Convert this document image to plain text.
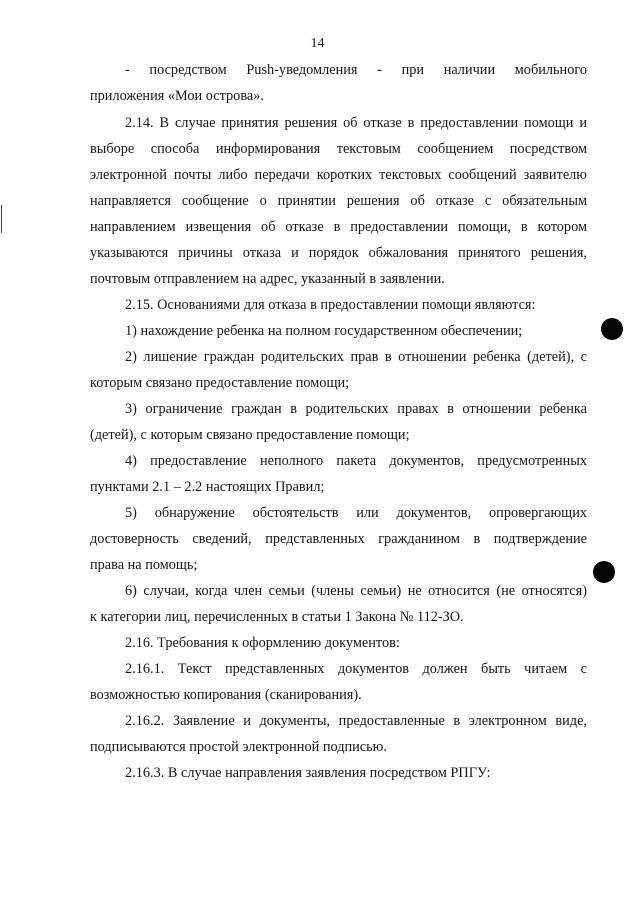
14
- посредством Push-уведомления - при наличии мобильного
приложения «Мои острова».
2.14. В случае принятия решения об отказе в предоставлении помощи и
выборе способа информирования текстовым сообщением посредством
электронной почты либо передачи коротких текстовых сообщений заявителю
направляется сообщение о принятии решения об отказе с обязательным
направлением извещения об отказе в предоставлении помощи, в котором
указываются причины отказа и порядок обжалования принятого решения,
почтовым отправлением на адрес, указанный в заявлении.
2.15. Основаниями для отказа в предоставлении помощи являются:
1) нахождение ребенка на полном государственном обеспечении;
2) лишение граждан родительских прав в отношении ребенка (детей), с
которым связано предоставление помощи;
3) ограничение граждан в родительских правах в отношении ребенка
(детей), с которым связано предоставление помощи;
4) предоставление неполного пакета документов, предусмотренных
пунктами 2.1 – 2.2 настоящих Правил;
5) обнаружение обстоятельств или документов, опровергающих
достоверность сведений, представленных гражданином в подтверждение
права на помощь;
6) случаи, когда член семьи (члены семьи) не относится (не относятся)
к категории лиц, перечисленных в статьи 1 Закона № 112-ЗО.
2.16. Требования к оформлению документов:
2.16.1. Текст представленных документов должен быть читаем с
возможностью копирования (сканирования).
2.16.2. Заявление и документы, предоставленные в электронном виде,
подписываются простой электронной подписью.
2.16.3. В случае направления заявления посредством РПГУ:
